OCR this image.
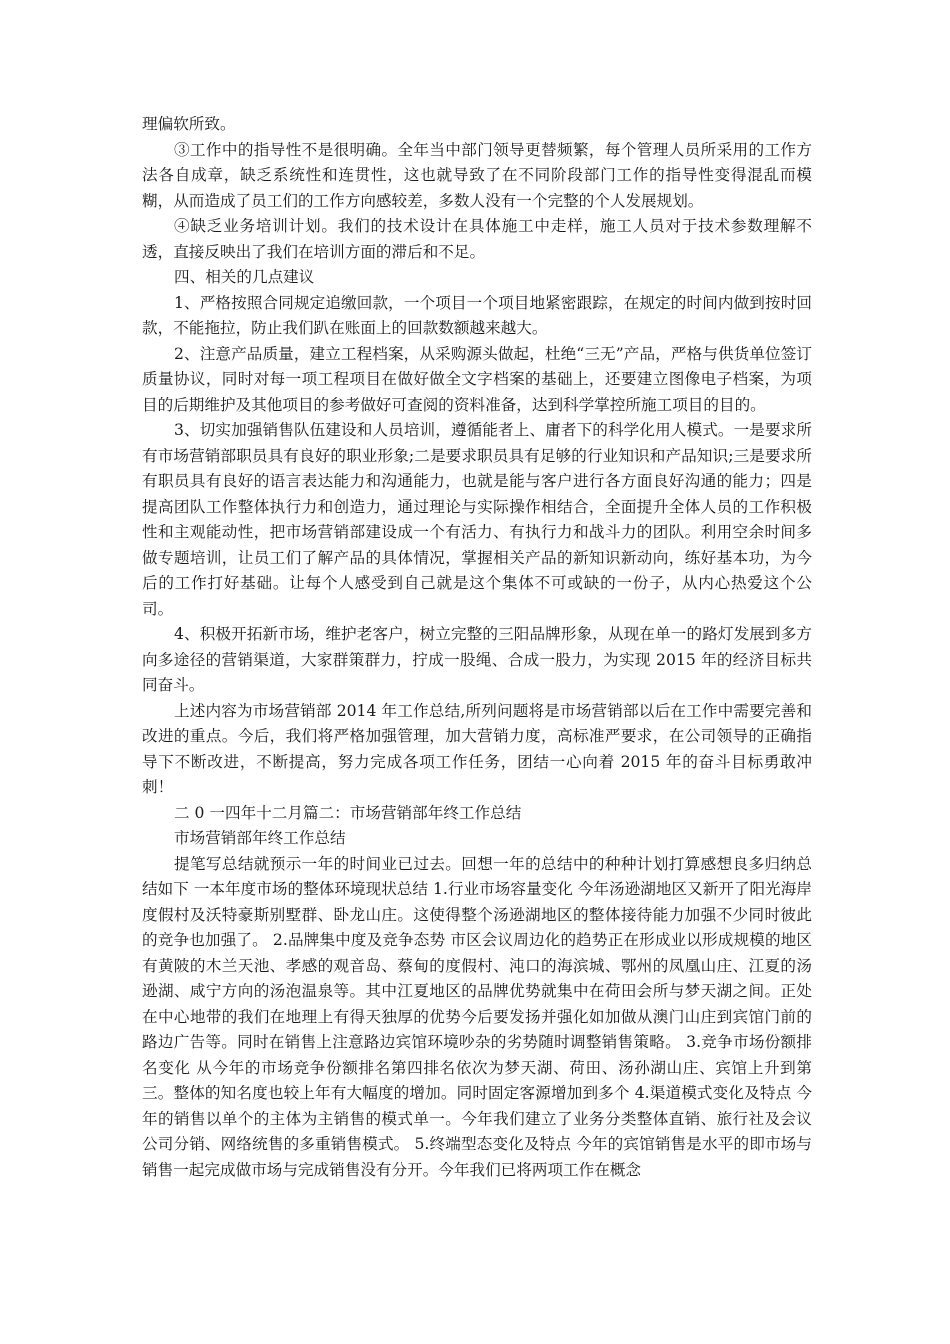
理偏软所致。

③工作中的指导性不是很明确。全年当中部门领导更替频繁，每个管理人员所采用的工作方法各自成章，缺乏系统性和连贯性，这也就导致了在不同阶段部门工作的指导性变得混乱而模糊，从而造成了员工们的工作方向感较差，多数人没有一个完整的个人发展规划。

④缺乏业务培训计划。我们的技术设计在具体施工中走样，施工人员对于技术参数理解不透，直接反映出了我们在培训方面的滞后和不足。

四、相关的几点建议

1、严格按照合同规定追缴回款，一个项目一个项目地紧密跟踪，在规定的时间内做到按时回款，不能拖拉，防止我们趴在账面上的回款数额越来越大。

2、注意产品质量，建立工程档案，从采购源头做起，杜绝“三无”产品，严格与供货单位签订质量协议，同时对每一项工程项目在做好做全文字档案的基础上，还要建立图像电子档案，为项目的后期维护及其他项目的参考做好可查阅的资料准备，达到科学掌控所施工项目的目的。

3、切实加强销售队伍建设和人员培训，遵循能者上、庸者下的科学化用人模式。一是要求所有市场营销部职员具有良好的职业形象;二是要求职员具有足够的行业知识和产品知识;三是要求所有职员具有良好的语言表达能力和沟通能力，也就是能与客户进行各方面良好沟通的能力；四是提高团队工作整体执行力和创造力，通过理论与实际操作相结合，全面提升全体人员的工作积极性和主观能动性，把市场营销部建设成一个有活力、有执行力和战斗力的团队。利用空余时间多做专题培训，让员工们了解产品的具体情况，掌握相关产品的新知识新动向，练好基本功，为今后的工作打好基础。让每个人感受到自己就是这个集体不可或缺的一份子，从内心热爱这个公司。

4、积极开拓新市场，维护老客户，树立完整的三阳品牌形象，从现在单一的路灯发展到多方向多途径的营销渠道，大家群策群力，拧成一股绳、合成一股力，为实现 2015 年的经济目标共同奋斗。

上述内容为市场营销部 2014 年工作总结,所列问题将是市场营销部以后在工作中需要完善和改进的重点。今后，我们将严格加强管理，加大营销力度，高标准严要求，在公司领导的正确指导下不断改进，不断提高，努力完成各项工作任务，团结一心向着 2015 年的奋斗目标勇敢冲刺！

二 0 一四年十二月篇二：市场营销部年终工作总结

市场营销部年终工作总结

提笔写总结就预示一年的时间业已过去。回想一年的总结中的种种计划打算感想良多归纳总结如下 一本年度市场的整体环境现状总结 1.行业市场容量变化 今年汤逊湖地区又新开了阳光海岸度假村及沃特豪斯别墅群、卧龙山庄。这使得整个汤逊湖地区的整体接待能力加强不少同时彼此的竞争也加强了。 2.品牌集中度及竞争态势 市区会议周边化的趋势正在形成业以形成规模的地区有黄陂的木兰天池、孝感的观音岛、蔡甸的度假村、沌口的海滨城、鄂州的凤凰山庄、江夏的汤逊湖、咸宁方向的汤泡温泉等。其中江夏地区的品牌优势就集中在荷田会所与梦天湖之间。正处在中心地带的我们在地理上有得天独厚的优势今后要发扬并强化如加做从澳门山庄到宾馆门前的路边广告等。同时在销售上注意路边宾馆环境吵杂的劣势随时调整销售策略。 3.竞争市场份额排名变化 从今年的市场竞争份额排名第四排名依次为梦天湖、荷田、汤孙湖山庄、宾馆上升到第三。整体的知名度也较上年有大幅度的增加。同时固定客源增加到多个 4.渠道模式变化及特点 今年的销售以单个的主体为主销售的模式单一。今年我们建立了业务分类整体直销、旅行社及会议公司分销、网络统售的多重销售模式。 5.终端型态变化及特点 今年的宾馆销售是水平的即市场与销售一起完成做市场与完成销售没有分开。今年我们已将两项工作在概念
